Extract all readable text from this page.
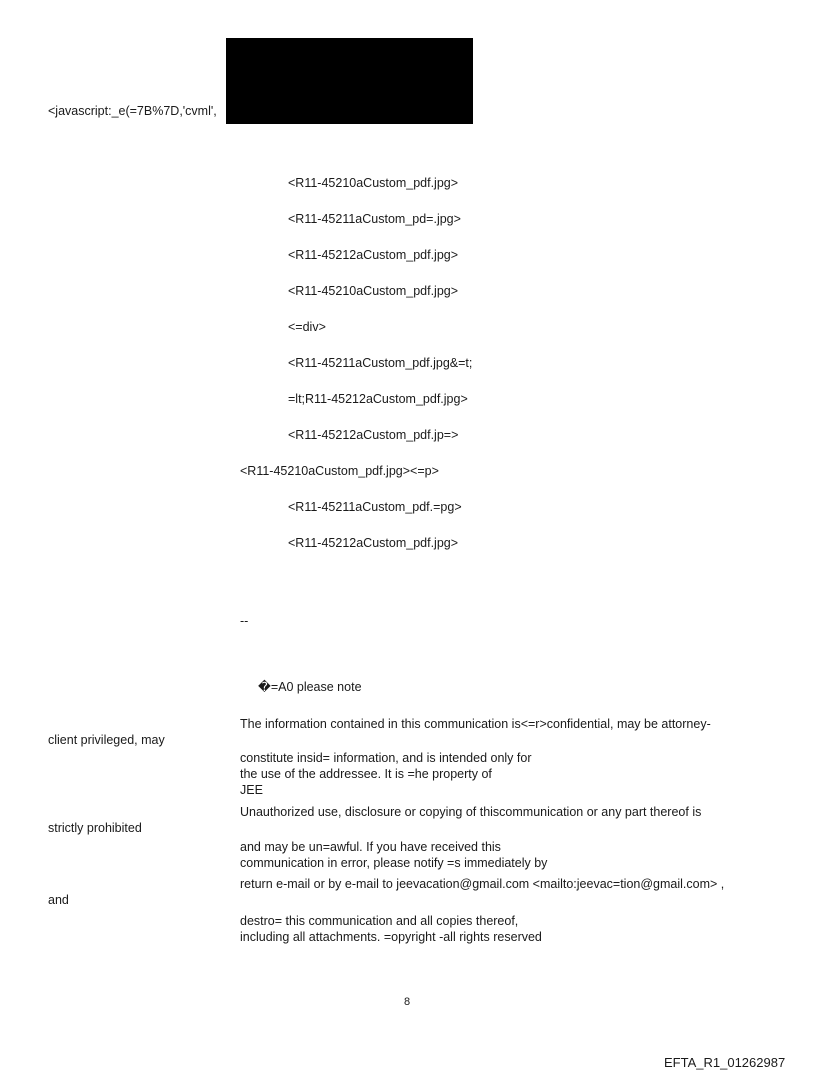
<javascript:_e(=7B%7D,'cvml',
<R11-45210aCustom_pdf.jpg>
<R11-45211aCustom_pd=.jpg>
<R11-45212aCustom_pdf.jpg>
<R11-45210aCustom_pdf.jpg>
<=div>
<R11-45211aCustom_pdf.jpg&=t;
=lt;R11-45212aCustom_pdf.jpg>
<R11-45212aCustom_pdf.jp=>
<R11-45210aCustom_pdf.jpg><=p>
<R11-45211aCustom_pdf.=pg>
<R11-45212aCustom_pdf.jpg>
--
�=A0 please note
The information contained in this communication is<=r>confidential, may be attorney-
client privileged, may
constitute insid= information, and is intended only for
the use of the addressee. It is =he property of
JEE
Unauthorized use, disclosure or copying of thiscommunication or any part thereof is
strictly prohibited
and may be un=awful. If you have received this
communication in error, please notify =s immediately by
return e-mail or by e-mail to jeevacation@gmail.com <mailto:jeevac=tion@gmail.com> ,
and
destro= this communication and all copies thereof,
including all attachments. =opyright -all rights reserved
8
EFTA_R1_01262987
